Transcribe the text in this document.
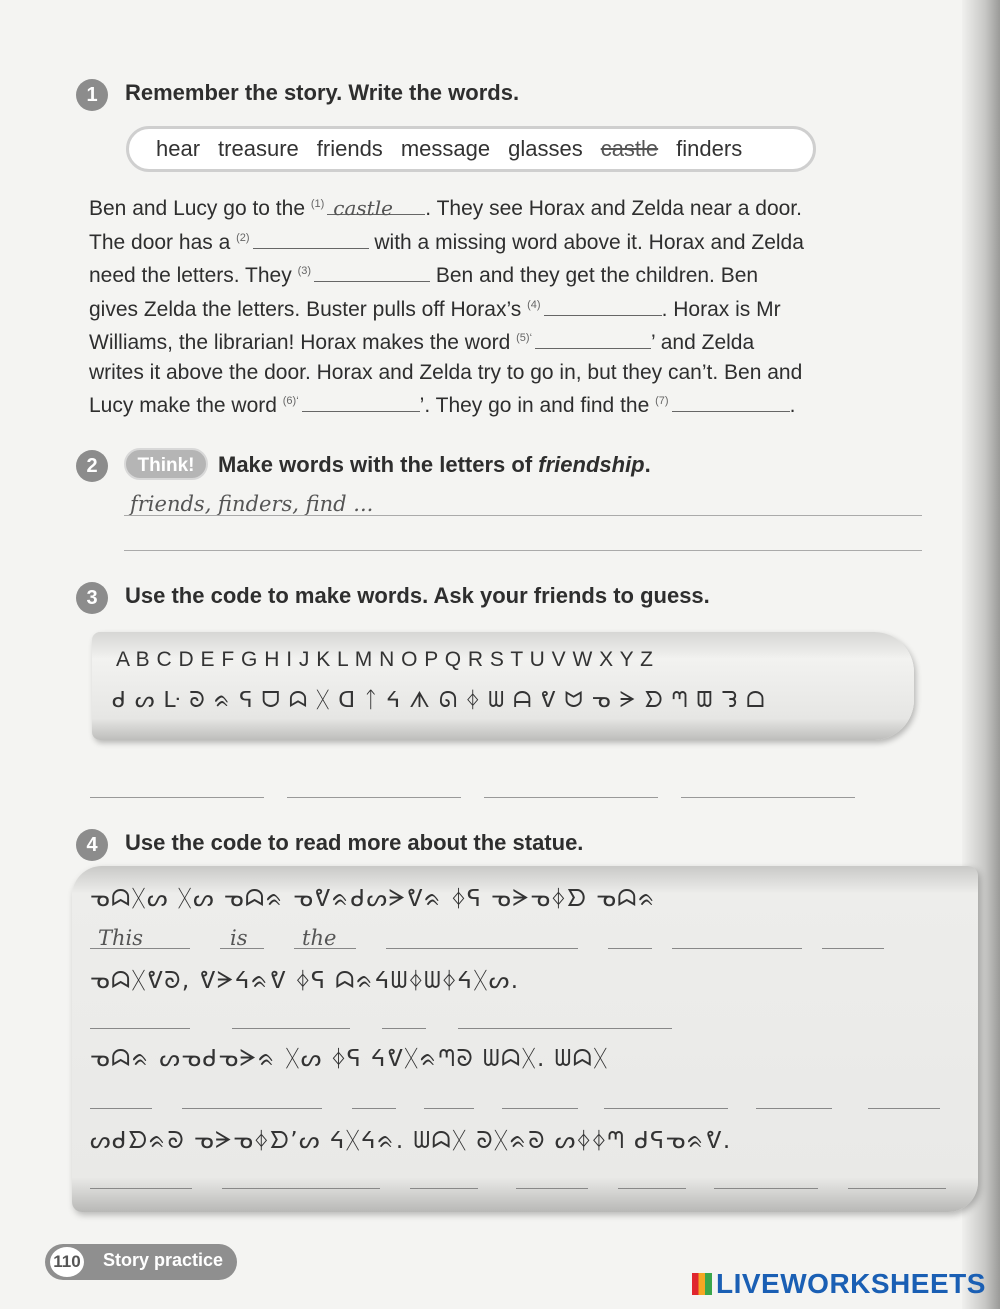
1	Remember the story. Write the words.
hear treasure friends message glasses castle finders
Ben and Lucy go to the $^{(1)}$ castle . They see Horax and Zelda near a door. The door has a $^{(2)}$	with a missing word above it. Horax and Zelda need the letters. They $^{(3)}$	Ben and they get the children. Ben gives Zelda the letters. Buster pulls off Horax’s $^{(4)}$	. Horax is Mr Williams, the librarian! Horax makes the word $^{(5)‘}$	’ and Zelda writes it above the door. Horax and Zelda try to go in, but they can’t. Ben and Lucy make the word $^{(6)‘}$	’. They go in and find the $^{(7)}$	.
2	Think!	Make words with the letters of friendship.
friends, finders, find ...
3	Use the code to make words. Ask your friends to guess.
A B C D E F G H I J K L M N O P Q R S T U V W X Y Z
ᑯ ᔕ ᒷ ᘐ ᨑ ᕋ ᗜ ᗣ ᚷ ᗡ ᛏ ᔦ ᗑ ᘏ ᛄ ᗯ ᗩ ᕓ ᗢ ᓀ ᗒ ᗤ ᘉ ᗵ ᘊ ᗝ
4	Use the code to read more about the statue.
ᓀᗣᚷᔕ ᚷᔕ ᓀᗣᨑ ᓀᕓᨑᑯᔕᗒᕓᨑ ᛄᕋ ᓀᗒᓀᛄᗤ ᓀᗣᨑ
This	is	the
ᓀᗣᚷᕓᘐ, ᕓᗒᔦᨑᕓ ᛄᕋ ᗣᨑᔦᗯᛄᗯᛄᔦᚷᔕ.
ᓀᗣᨑ ᔕᓀᑯᓀᗒᨑ ᚷᔕ ᛄᕋ ᔦᕓᚷᨑᘉᘐ ᗯᗣᚷ. ᗯᗣᚷ
ᔕᑯᗤᨑᘐ ᓀᗒᓀᛄᗤ’ᔕ ᔦᚷᔦᨑ. ᗯᗣᚷ ᘐᚷᨑᘐ ᔕᛄᛄᘉ ᑯᕋᓀᨑᕓ.
110	Story practice
LIVEWORKSHEETS
